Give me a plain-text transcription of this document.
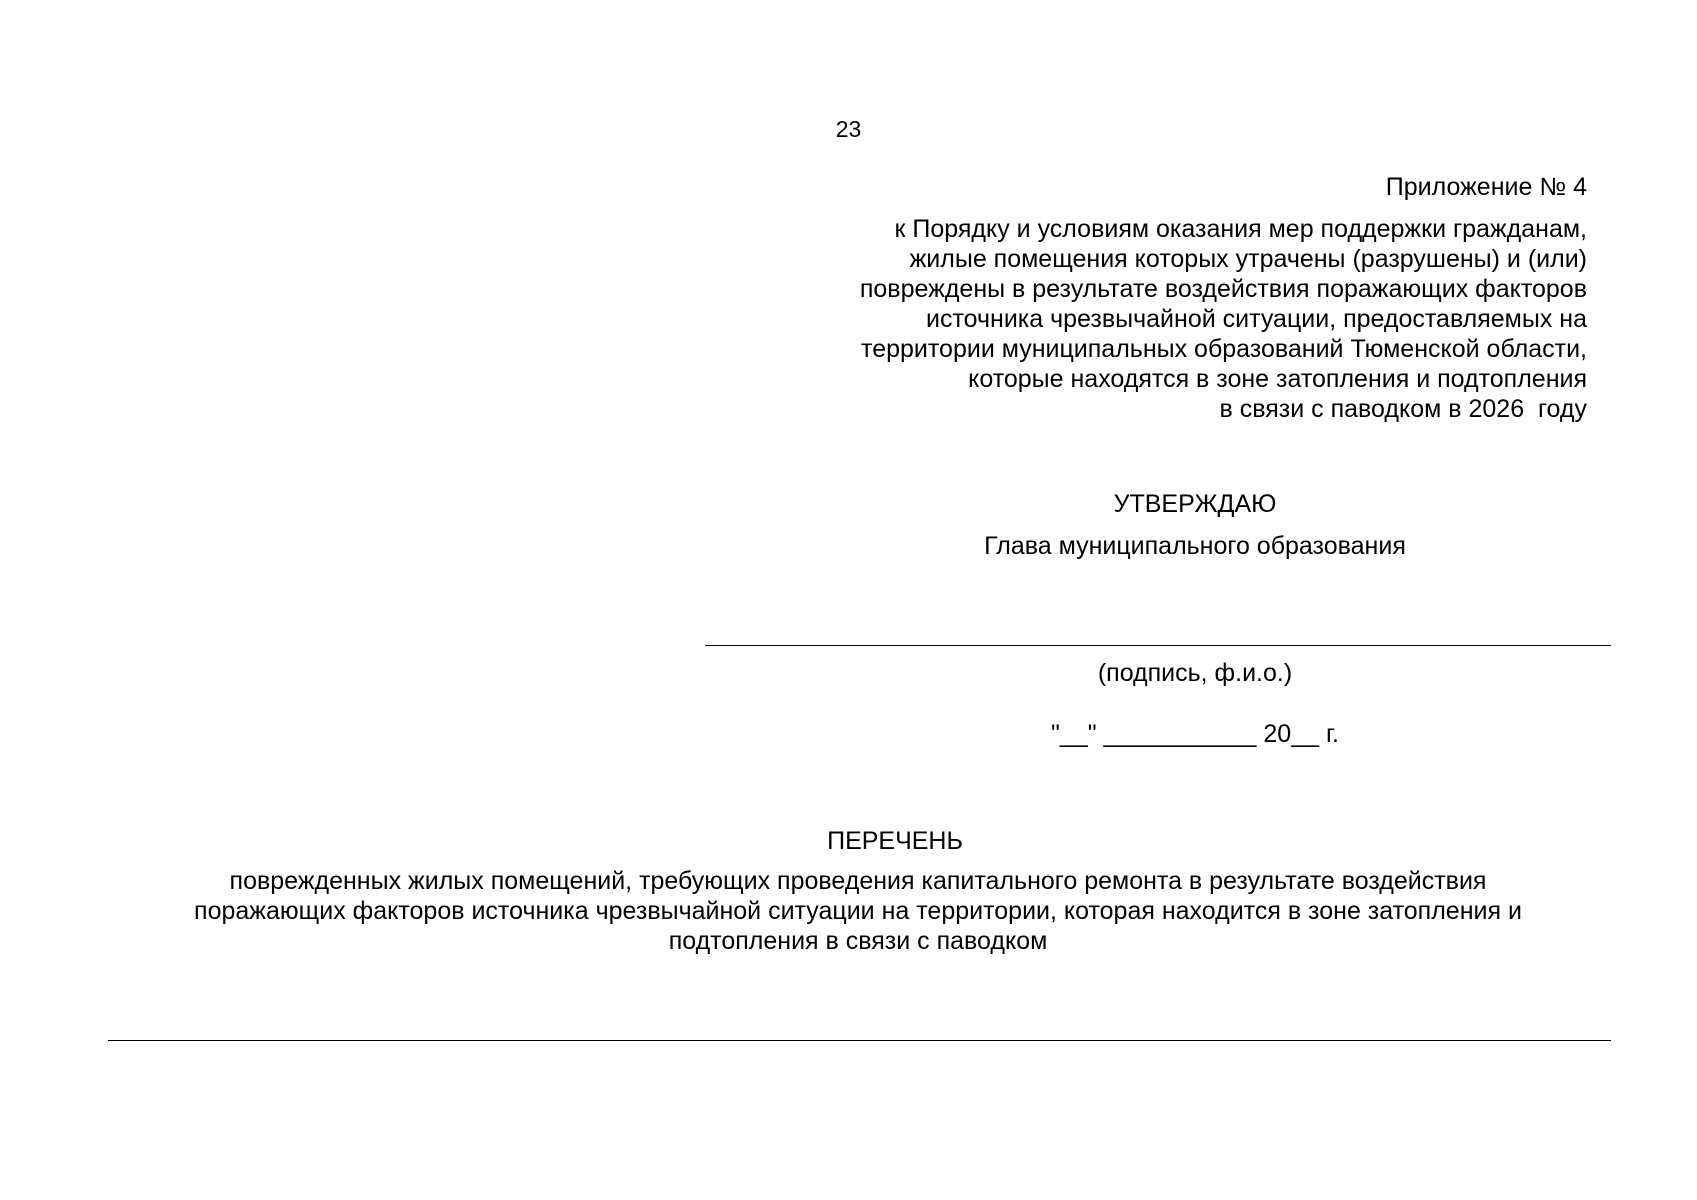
23
Приложение № 4
к Порядку и условиям оказания мер поддержки гражданам,
жилые помещения которых утрачены (разрушены) и (или)
повреждены в результате воздействия поражающих факторов
источника чрезвычайной ситуации, предоставляемых на
территории муниципальных образований Тюменской области,
которые находятся в зоне затопления и подтопления
в связи с паводком в 2026  году
УТВЕРЖДАЮ
Глава муниципального образования
(подпись, ф.и.о.)
"__" ___________ 20__ г.
ПЕРЕЧЕНЬ
поврежденных жилых помещений, требующих проведения капитального ремонта в результате воздействия
поражающих факторов источника чрезвычайной ситуации на территории, которая находится в зоне затопления и
подтопления в связи с паводком
